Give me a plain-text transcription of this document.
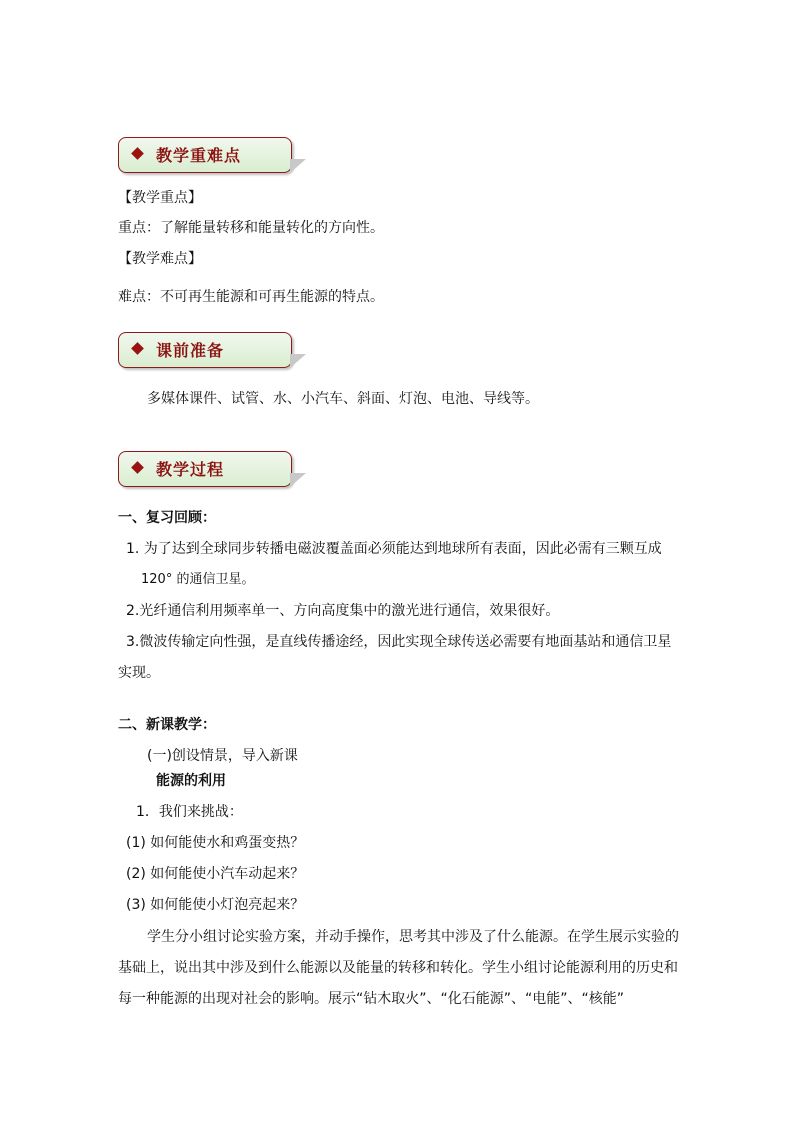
教学重难点
【教学重点】
重点：了解能量转移和能量转化的方向性。
【教学难点】
难点：不可再生能源和可再生能源的特点。
课前准备
多媒体课件、试管、水、小汽车、斜面、灯泡、电池、导线等。
教学过程
一、复习回顾：
1. 为了达到全球同步转播电磁波覆盖面必须能达到地球所有表面，因此必需有三颗互成
120° 的通信卫星。
2.光纤通信利用频率单一、方向高度集中的激光进行通信，效果很好。
3.微波传输定向性强，是直线传播途经，因此实现全球传送必需要有地面基站和通信卫星
实现。
二、新课教学：
(一)创设情景，导入新课
能源的利用
1．我们来挑战：
(1) 如何能使水和鸡蛋变热？
(2) 如何能使小汽车动起来？
(3) 如何能使小灯泡亮起来？
学生分小组讨论实验方案，并动手操作，思考其中涉及了什么能源。在学生展示实验的
基础上，说出其中涉及到什么能源以及能量的转移和转化。学生小组讨论能源利用的历史和
每一种能源的出现对社会的影响。展示“钻木取火”、“化石能源”、“电能”、“核能”
